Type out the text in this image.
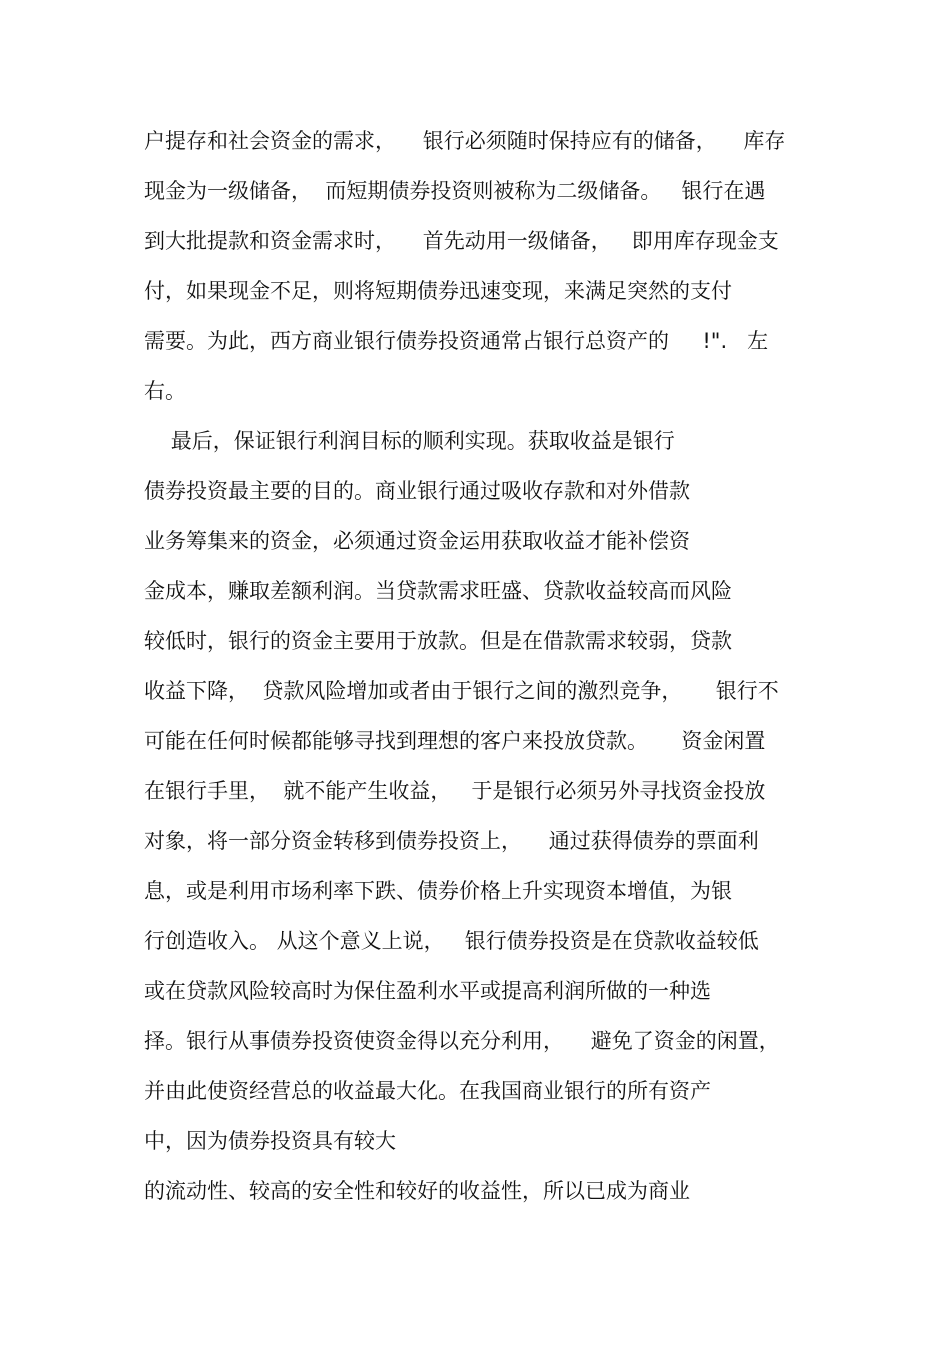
户提存和社会资金的需求，    银行必须随时保持应有的储备，    库存
现金为一级储备，  而短期债券投资则被称为二级储备。   银行在遇
到大批提款和资金需求时，    首先动用一级储备，   即用库存现金支
付，如果现金不足，则将短期债券迅速变现，来满足突然的支付
需要。为此，西方商业银行债券投资通常占银行总资产的     !".   左
右。
最后，保证银行利润目标的顺利实现。获取收益是银行
债券投资最主要的目的。商业银行通过吸收存款和对外借款
业务筹集来的资金，必须通过资金运用获取收益才能补偿资
金成本，赚取差额利润。当贷款需求旺盛、贷款收益较高而风险
较低时，银行的资金主要用于放款。但是在借款需求较弱，贷款
收益下降，  贷款风险增加或者由于银行之间的激烈竞争，     银行不
可能在任何时候都能够寻找到理想的客户来投放贷款。     资金闲置
在银行手里，  就不能产生收益，   于是银行必须另外寻找资金投放
对象，将一部分资金转移到债券投资上，    通过获得债券的票面利
息，或是利用市场利率下跌、债券价格上升实现资本增值，为银
行创造收入。 从这个意义上说，   银行债券投资是在贷款收益较低
或在贷款风险较高时为保住盈利水平或提高利润所做的一种选
择。银行从事债券投资使资金得以充分利用，    避免了资金的闲置，
并由此使资经营总的收益最大化。在我国商业银行的所有资产
中，因为债券投资具有较大
的流动性、较高的安全性和较好的收益性，所以已成为商业
